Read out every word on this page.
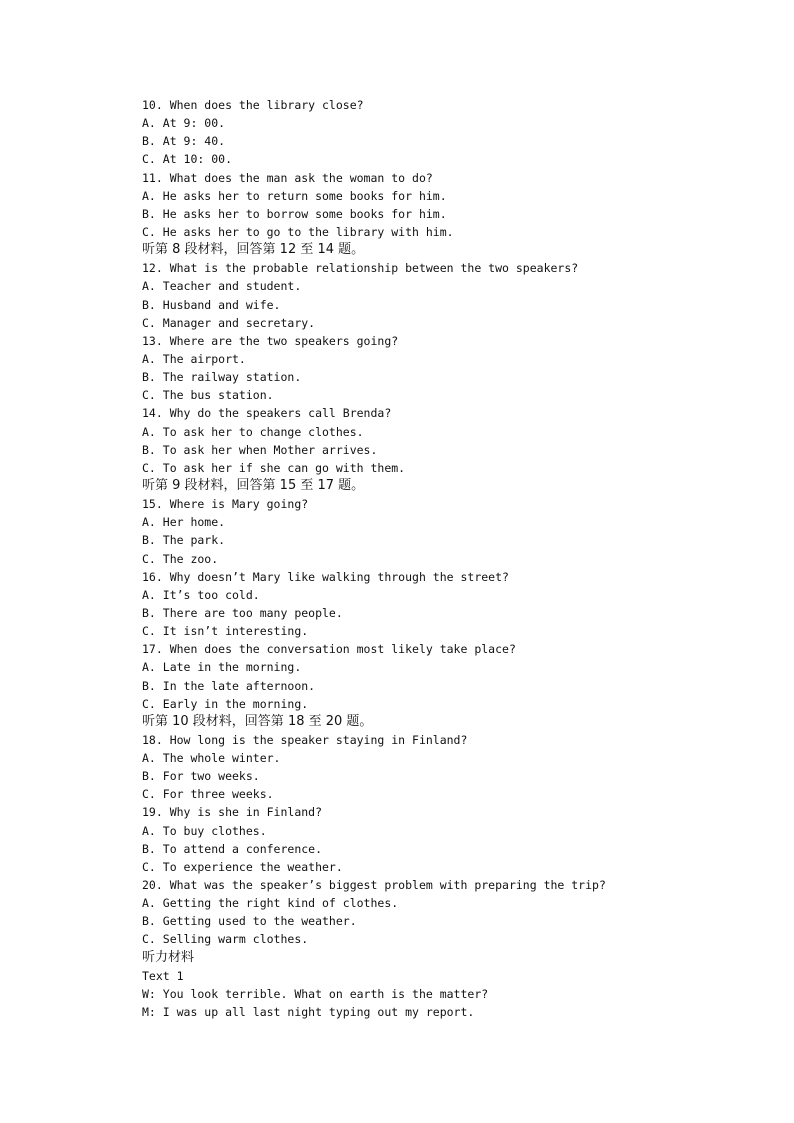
10. When does the library close?
A. At 9: 00.
B. At 9: 40.
C. At 10: 00.
11. What does the man ask the woman to do?
A. He asks her to return some books for him.
B. He asks her to borrow some books for him.
C. He asks her to go to the library with him.
听第 8 段材料，回答第 12 至 14 题。
12. What is the probable relationship between the two speakers?
A. Teacher and student.
B. Husband and wife.
C. Manager and secretary.
13. Where are the two speakers going?
A. The airport.
B. The railway station.
C. The bus station.
14. Why do the speakers call Brenda?
A. To ask her to change clothes.
B. To ask her when Mother arrives.
C. To ask her if she can go with them.
听第 9 段材料，回答第 15 至 17 题。
15. Where is Mary going?
A. Her home.
B. The park.
C. The zoo.
16. Why doesn’t Mary like walking through the street?
A. It’s too cold.
B. There are too many people.
C. It isn’t interesting.
17. When does the conversation most likely take place?
A. Late in the morning.
B. In the late afternoon.
C. Early in the morning.
听第 10 段材料，回答第 18 至 20 题。
18. How long is the speaker staying in Finland?
A. The whole winter.
B. For two weeks.
C. For three weeks.
19. Why is she in Finland?
A. To buy clothes.
B. To attend a conference.
C. To experience the weather.
20. What was the speaker’s biggest problem with preparing the trip?
A. Getting the right kind of clothes.
B. Getting used to the weather.
C. Selling warm clothes.
听力材料
Text 1
W: You look terrible. What on earth is the matter?
M: I was up all last night typing out my report.
